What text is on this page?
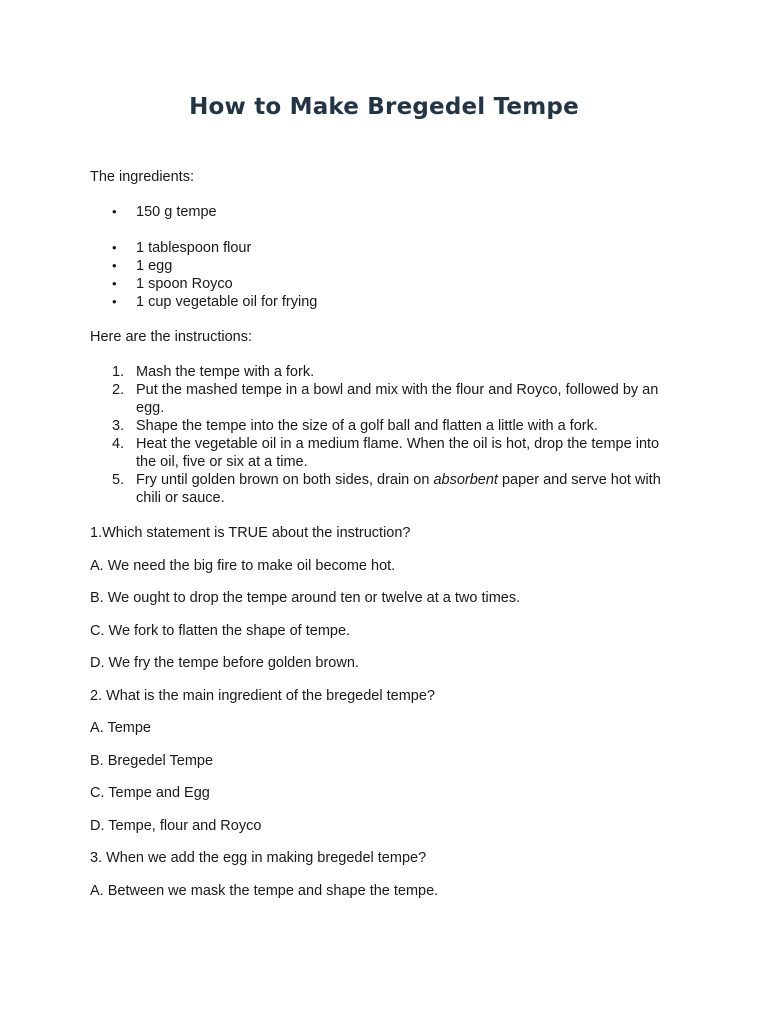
How to Make Bregedel Tempe

The ingredients:

• 150 g tempe
• 1 tablespoon flour
• 1 egg
• 1 spoon Royco
• 1 cup vegetable oil for frying

Here are the instructions:

1. Mash the tempe with a fork.
2. Put the mashed tempe in a bowl and mix with the flour and Royco, followed by an egg.
3. Shape the tempe into the size of a golf ball and flatten a little with a fork.
4. Heat the vegetable oil in a medium flame. When the oil is hot, drop the tempe into the oil, five or six at a time.
5. Fry until golden brown on both sides, drain on absorbent paper and serve hot with chili or sauce.

1.Which statement is TRUE about the instruction?

A. We need the big fire to make oil become hot.

B. We ought to drop the tempe around ten or twelve at a two times.

C. We fork to flatten the shape of tempe.

D. We fry the tempe before golden brown.

2. What is the main ingredient of the bregedel tempe?

A. Tempe

B. Bregedel Tempe

C. Tempe and Egg

D. Tempe, flour and Royco

3. When we add the egg in making bregedel tempe?

A. Between we mask the tempe and shape the tempe.
